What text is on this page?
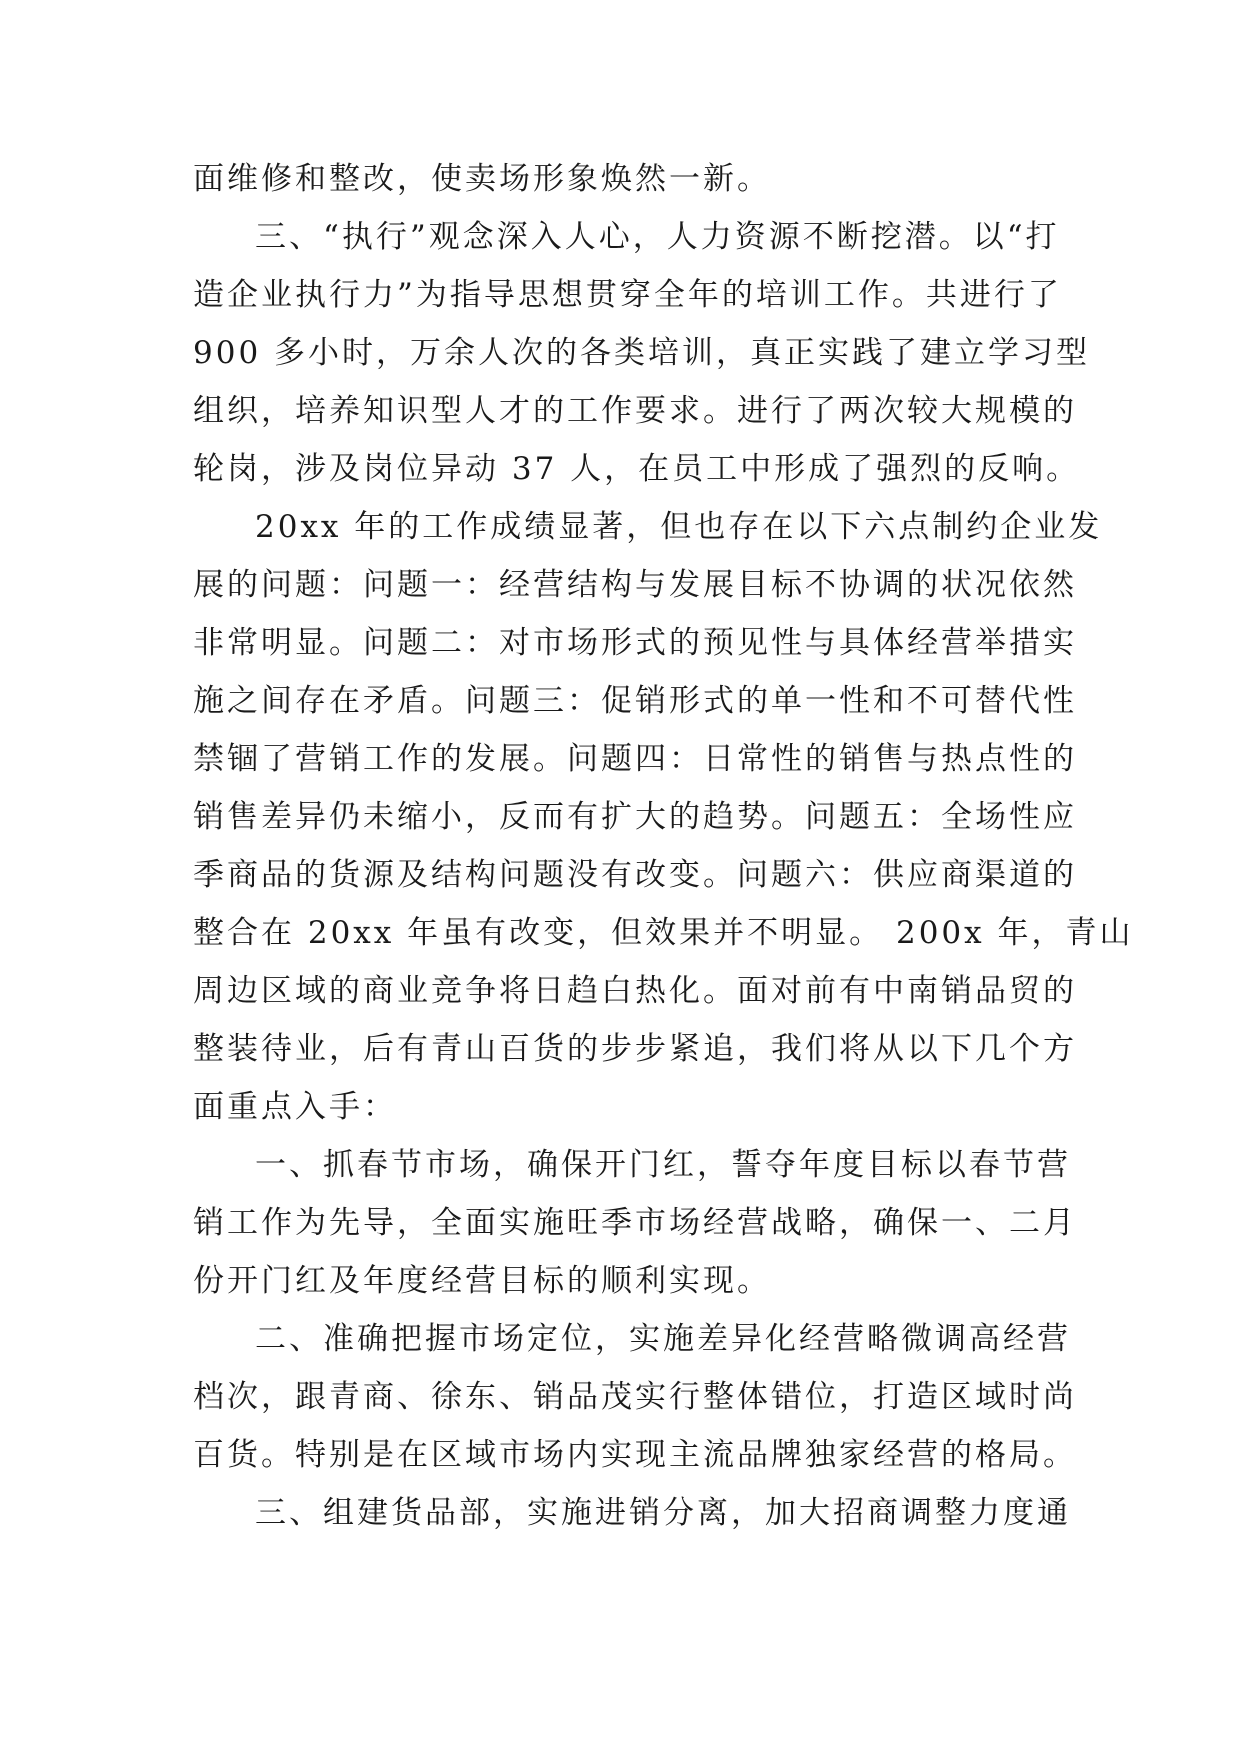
面维修和整改，使卖场形象焕然一新。
三、“执行”观念深入人心，人力资源不断挖潜。以“打
造企业执行力”为指导思想贯穿全年的培训工作。共进行了
900 多小时，万余人次的各类培训，真正实践了建立学习型
组织，培养知识型人才的工作要求。进行了两次较大规模的
轮岗，涉及岗位异动 37 人，在员工中形成了强烈的反响。
20xx 年的工作成绩显著，但也存在以下六点制约企业发
展的问题：问题一：经营结构与发展目标不协调的状况依然
非常明显。问题二：对市场形式的预见性与具体经营举措实
施之间存在矛盾。问题三：促销形式的单一性和不可替代性
禁锢了营销工作的发展。问题四：日常性的销售与热点性的
销售差异仍未缩小，反而有扩大的趋势。问题五：全场性应
季商品的货源及结构问题没有改变。问题六：供应商渠道的
整合在 20xx 年虽有改变，但效果并不明显。 200x 年，青山
周边区域的商业竞争将日趋白热化。面对前有中南销品贸的
整装待业，后有青山百货的步步紧追，我们将从以下几个方
面重点入手：
一、抓春节市场，确保开门红，誓夺年度目标以春节营
销工作为先导，全面实施旺季市场经营战略，确保一、二月
份开门红及年度经营目标的顺利实现。
二、准确把握市场定位，实施差异化经营略微调高经营
档次，跟青商、徐东、销品茂实行整体错位，打造区域时尚
百货。特别是在区域市场内实现主流品牌独家经营的格局。
三、组建货品部，实施进销分离，加大招商调整力度通
